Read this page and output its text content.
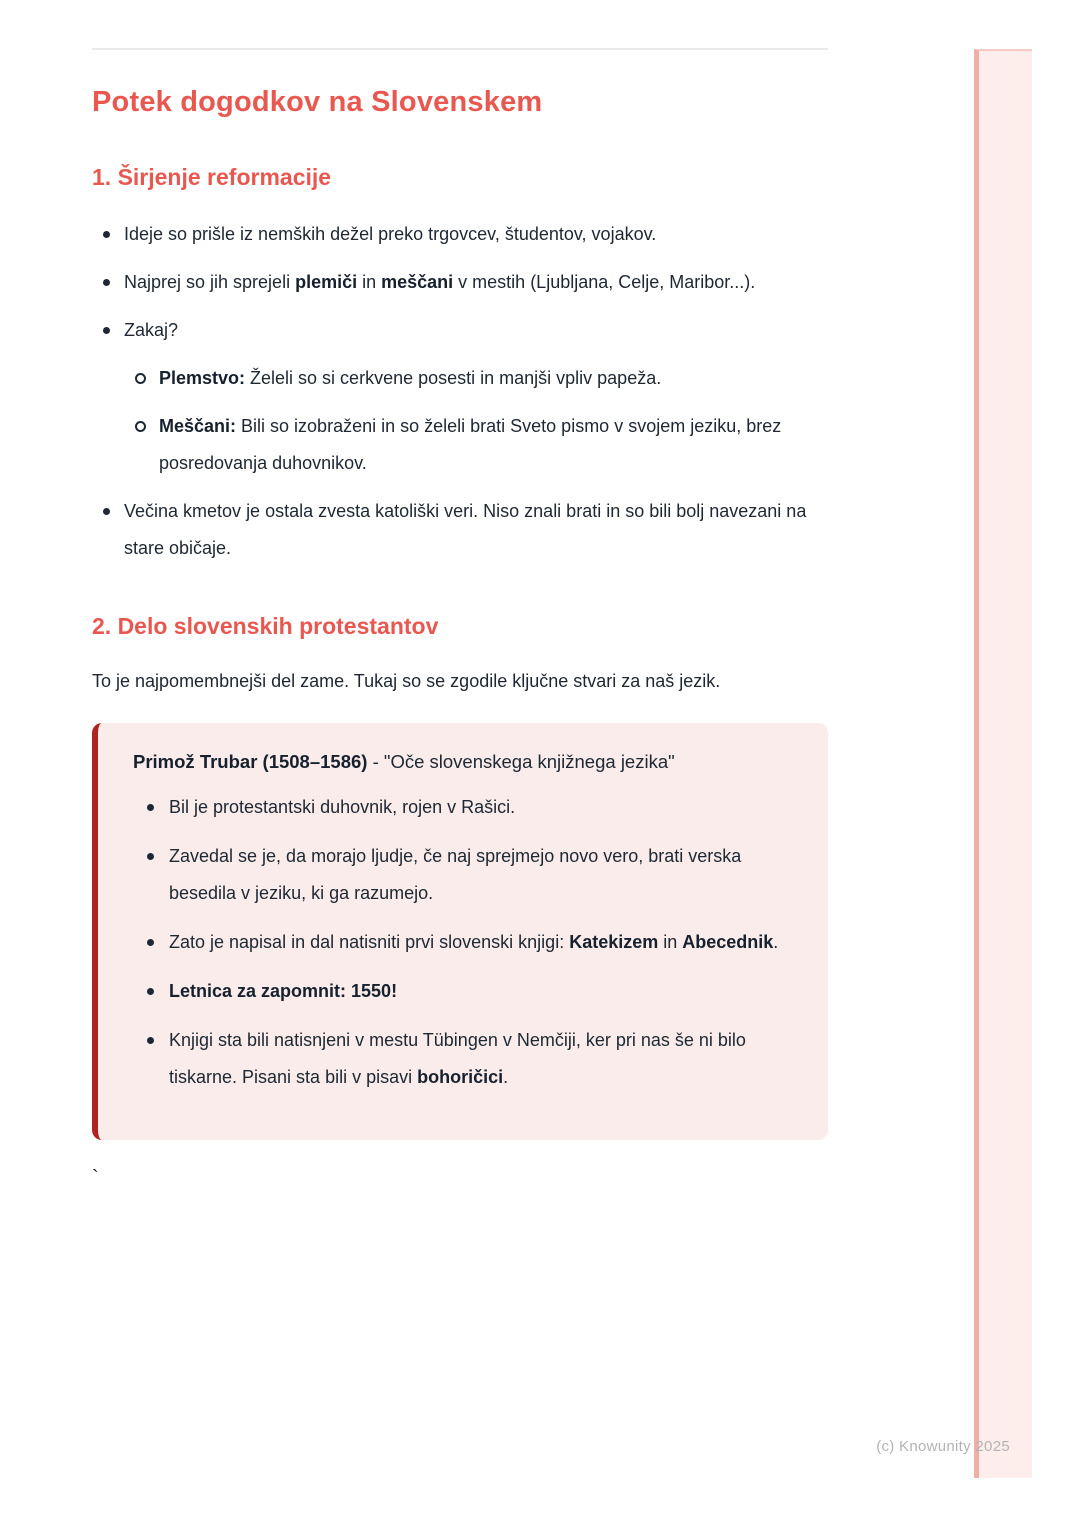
Potek dogodkov na Slovenskem
1. Širjenje reformacije
Ideje so prišle iz nemških dežel preko trgovcev, študentov, vojakov.
Najprej so jih sprejeli plemiči in meščani v mestih (Ljubljana, Celje, Maribor...).
Zakaj?
Plemstvo: Želeli so si cerkvene posesti in manjši vpliv papeža.
Meščani: Bili so izobraženi in so želeli brati Sveto pismo v svojem jeziku, brez posredovanja duhovnikov.
Večina kmetov je ostala zvesta katoliški veri. Niso znali brati in so bili bolj navezani na stare običaje.
2. Delo slovenskih protestantov

To je najpomembnejši del zame. Tukaj so se zgodile ključne stvari za naš jezik.

Primož Trubar (1508–1586) - "Oče slovenskega knjižnega jezika"

Bil je protestantski duhovnik, rojen v Rašici.
Zavedal se je, da morajo ljudje, če naj sprejmejo novo vero, brati verska besedila v jeziku, ki ga razumejo.
Zato je napisal in dal natisniti prvi slovenski knjigi: Katekizem in Abecednik.
Letnica za zapomnit: 1550!
Knjigi sta bili natisnjeni v mestu Tübingen v Nemčiji, ker pri nas še ni bilo tiskarne. Pisani sta bili v pisavi bohoričici.
`
(c) Knowunity 2025
